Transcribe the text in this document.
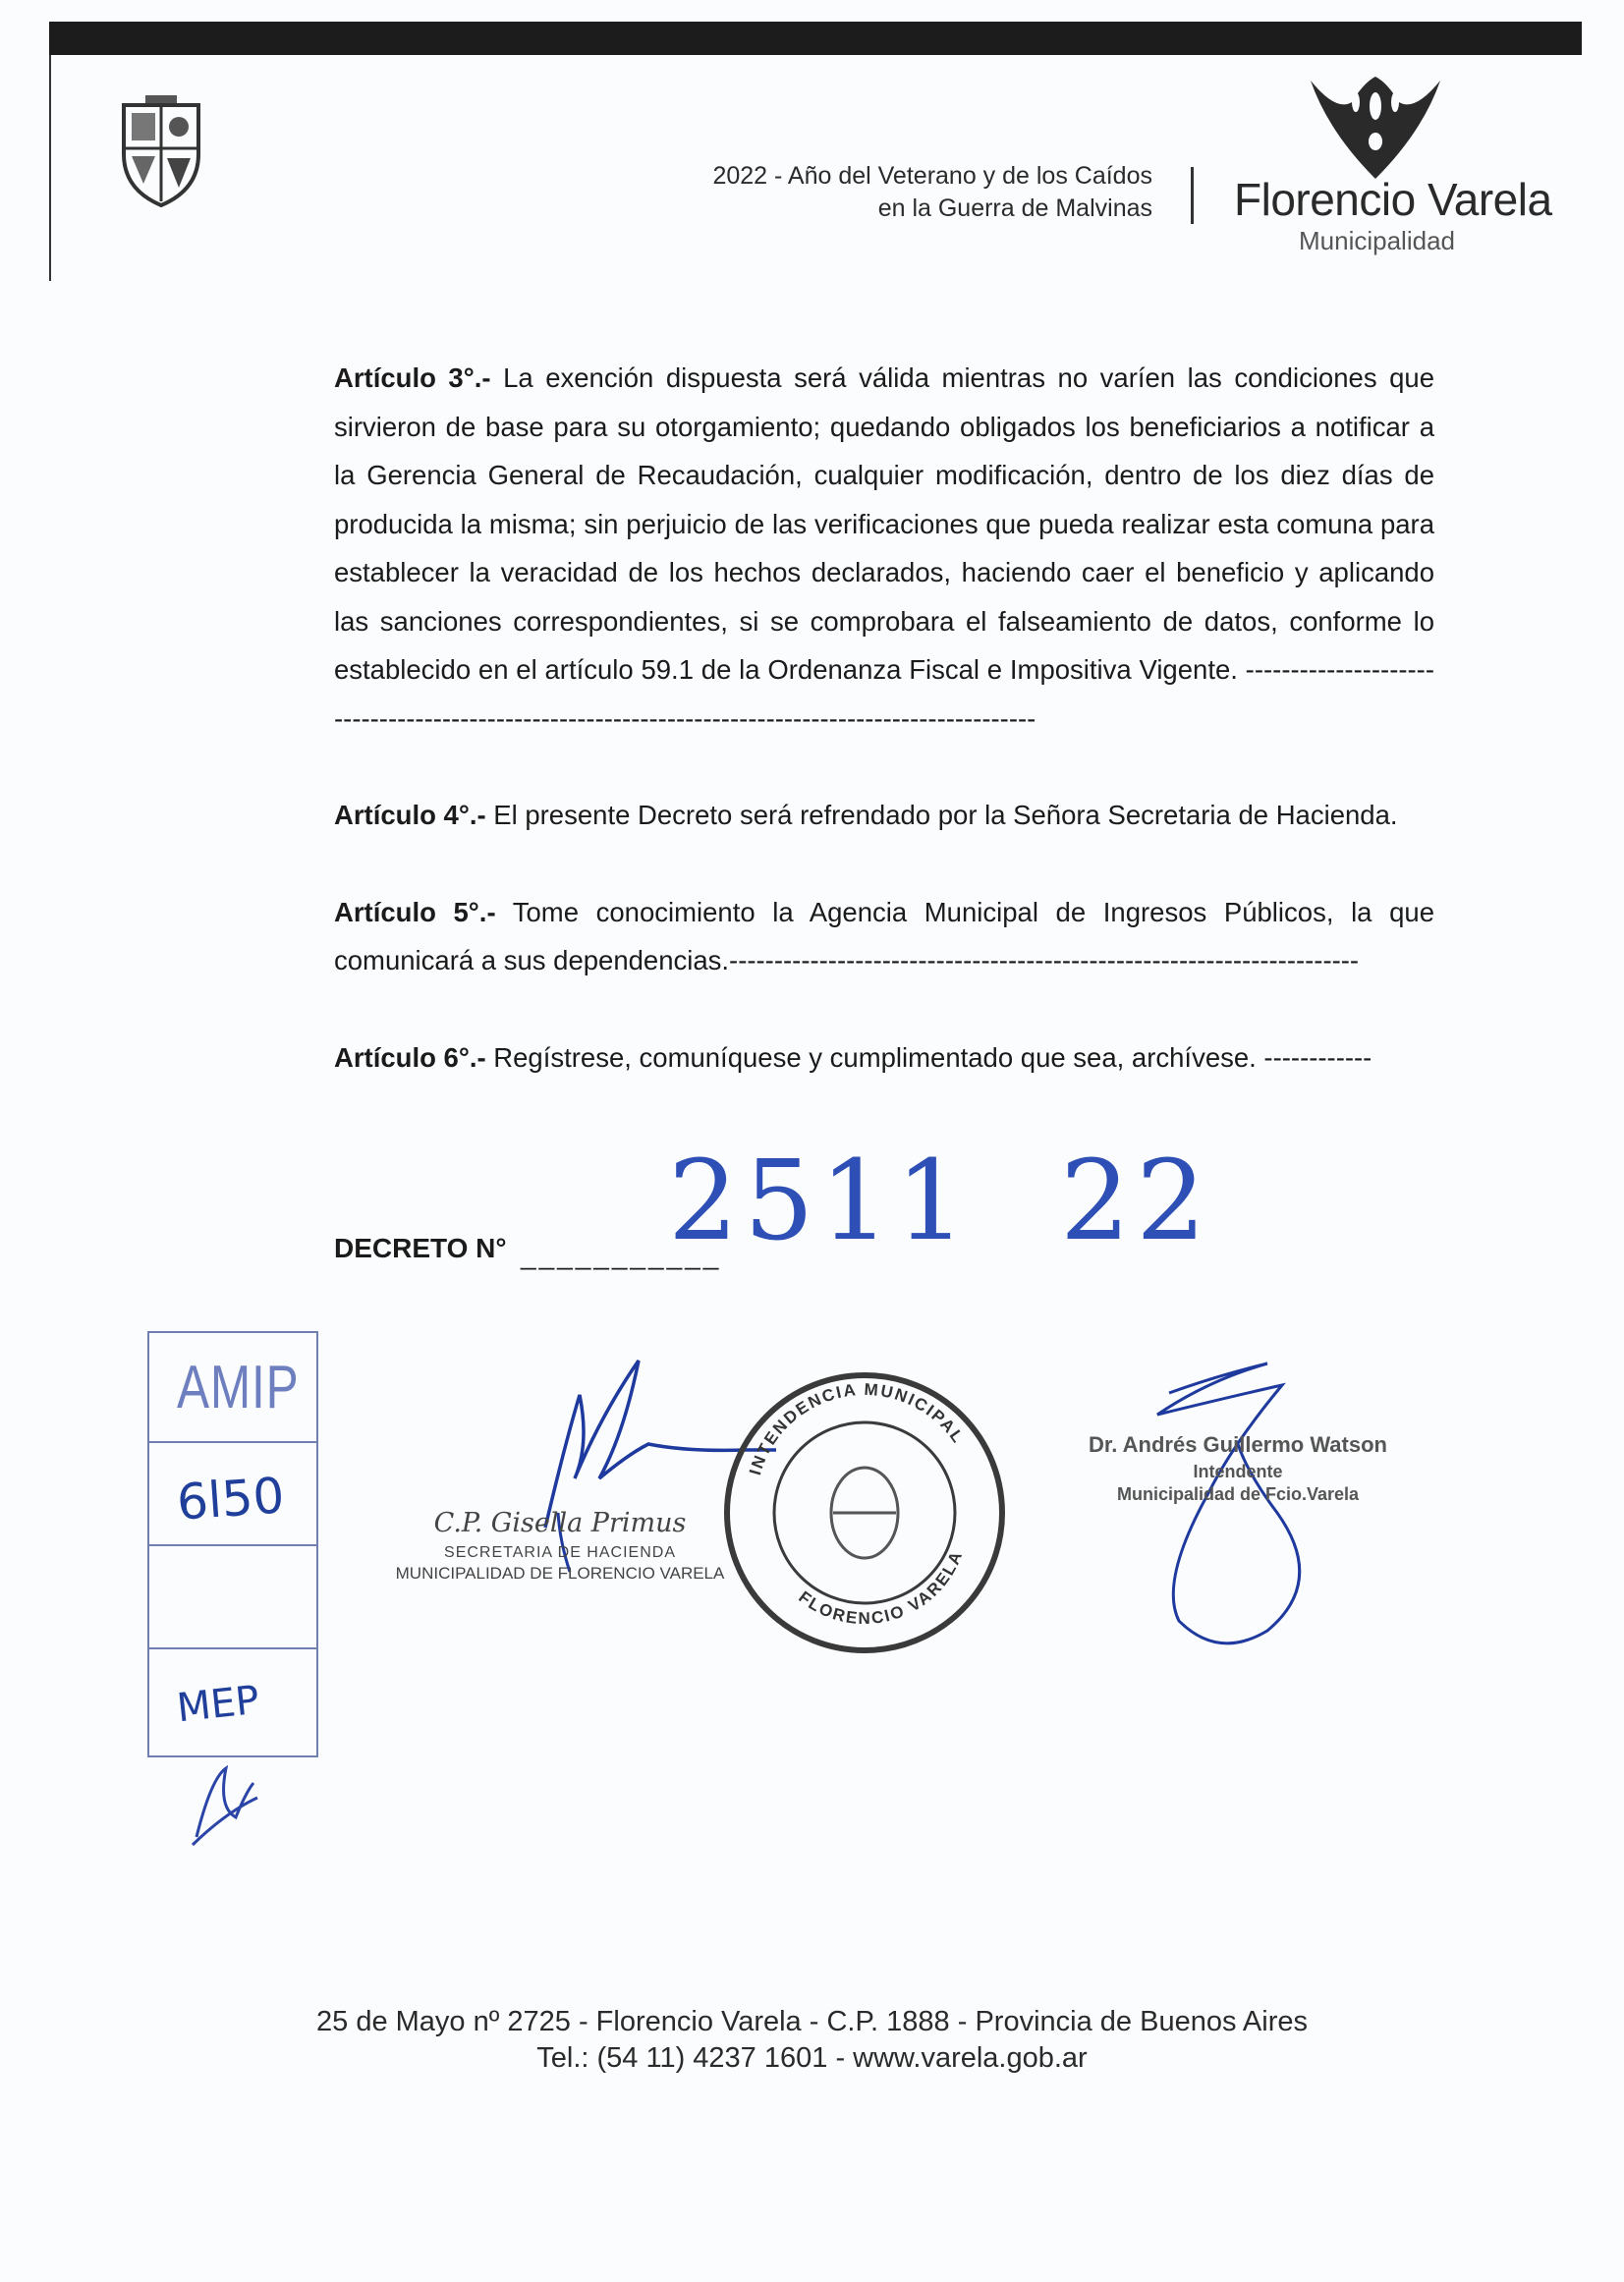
2022 - Año del Veterano y de los Caídos
en la Guerra de Malvinas Florencio Varela
Municipalidad

Artículo 3°.- La exención dispuesta será válida mientras no varíen las condiciones que sirvieron de base para su otorgamiento; quedando obligados los beneficiarios a notificar a la Gerencia General de Recaudación, cualquier modificación, dentro de los diez días de producida la misma; sin perjuicio de las verificaciones que pueda realizar esta comuna para establecer la veracidad de los hechos declarados, haciendo caer el beneficio y aplicando las sanciones correspondientes, si se comprobara el falseamiento de datos, conforme lo establecido en el artículo 59.1 de la Ordenanza Fiscal e Impositiva Vigente. ---------------------------------------------------------------------------------------------------

Artículo 4°.- El presente Decreto será refrendado por la Señora Secretaria de Hacienda.

Artículo 5°.- Tome conocimiento la Agencia Municipal de Ingresos Públicos, la que comunicará a sus dependencias.----------------------------------------------------------------------

Artículo 6°.- Regístrese, comuníquese y cumplimentado que sea, archívese. ------------

DECRETO N° ___________
2511 22
AMIP
6l50
MEP
INTENDENCIA MUNICIPAL
FLORENCIO VARELA
C.P. Gisella Primus
SECRETARIA DE HACIENDA
MUNICIPALIDAD DE FLORENCIO VARELA
Dr. Andrés Guillermo Watson
Intendente
Municipalidad de Fcio.Varela
25 de Mayo nº 2725 - Florencio Varela - C.P. 1888 - Provincia de Buenos Aires
Tel.: (54 11) 4237 1601 - www.varela.gob.ar
